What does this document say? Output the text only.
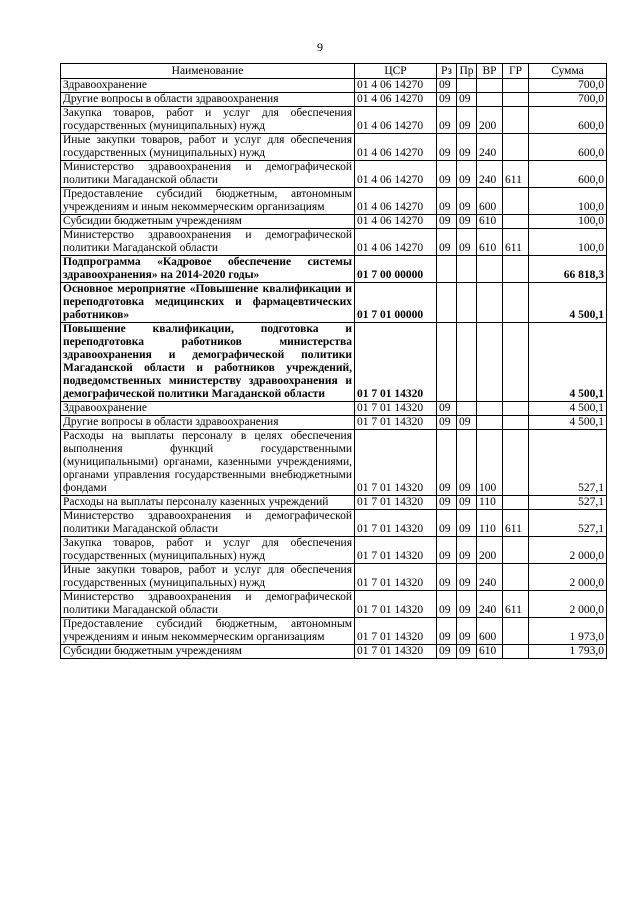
9
Наименование	ЦСР	Рз	Пр	ВР	ГР	Сумма
Здравоохранение	01 4 06 14270	09				700,0
Другие вопросы в области здравоохранения	01 4 06 14270	09	09			700,0
Закупка товаров, работ и услуг для обеспечения государственных (муниципальных) нужд	01 4 06 14270	09	09	200		600,0
Иные закупки товаров, работ и услуг для обеспечения государственных (муниципальных) нужд	01 4 06 14270	09	09	240		600,0
Министерство здравоохранения и демографической политики Магаданской области	01 4 06 14270	09	09	240	611	600,0
Предоставление субсидий бюджетным, автономным учреждениям и иным некоммерческим организациям	01 4 06 14270	09	09	600		100,0
Субсидии бюджетным учреждениям	01 4 06 14270	09	09	610		100,0
Министерство здравоохранения и демографической политики Магаданской области	01 4 06 14270	09	09	610	611	100,0
Подпрограмма «Кадровое обеспечение системы здравоохранения» на 2014-2020 годы»	01 7 00 00000					66 818,3
Основное мероприятие «Повышение квалификации и переподготовка медицинских и фармацевтических работников»	01 7 01 00000					4 500,1
Повышение квалификации, подготовка и переподготовка работников министерства здравоохранения и демографической политики Магаданской области и работников учреждений, подведомственных министерству здравоохранения и демографической политики Магаданской области	01 7 01 14320					4 500,1
Здравоохранение	01 7 01 14320	09				4 500,1
Другие вопросы в области здравоохранения	01 7 01 14320	09	09			4 500,1
Расходы на выплаты персоналу в целях обеспечения выполнения функций государственными (муниципальными) органами, казенными учреждениями, органами управления государственными внебюджетными фондами	01 7 01 14320	09	09	100		527,1
Расходы на выплаты персоналу казенных учреждений	01 7 01 14320	09	09	110		527,1
Министерство здравоохранения и демографической политики Магаданской области	01 7 01 14320	09	09	110	611	527,1
Закупка товаров, работ и услуг для обеспечения государственных (муниципальных) нужд	01 7 01 14320	09	09	200		2 000,0
Иные закупки товаров, работ и услуг для обеспечения государственных (муниципальных) нужд	01 7 01 14320	09	09	240		2 000,0
Министерство здравоохранения и демографической политики Магаданской области	01 7 01 14320	09	09	240	611	2 000,0
Предоставление субсидий бюджетным, автономным учреждениям и иным некоммерческим организациям	01 7 01 14320	09	09	600		1 973,0
Субсидии бюджетным учреждениям	01 7 01 14320	09	09	610		1 793,0
